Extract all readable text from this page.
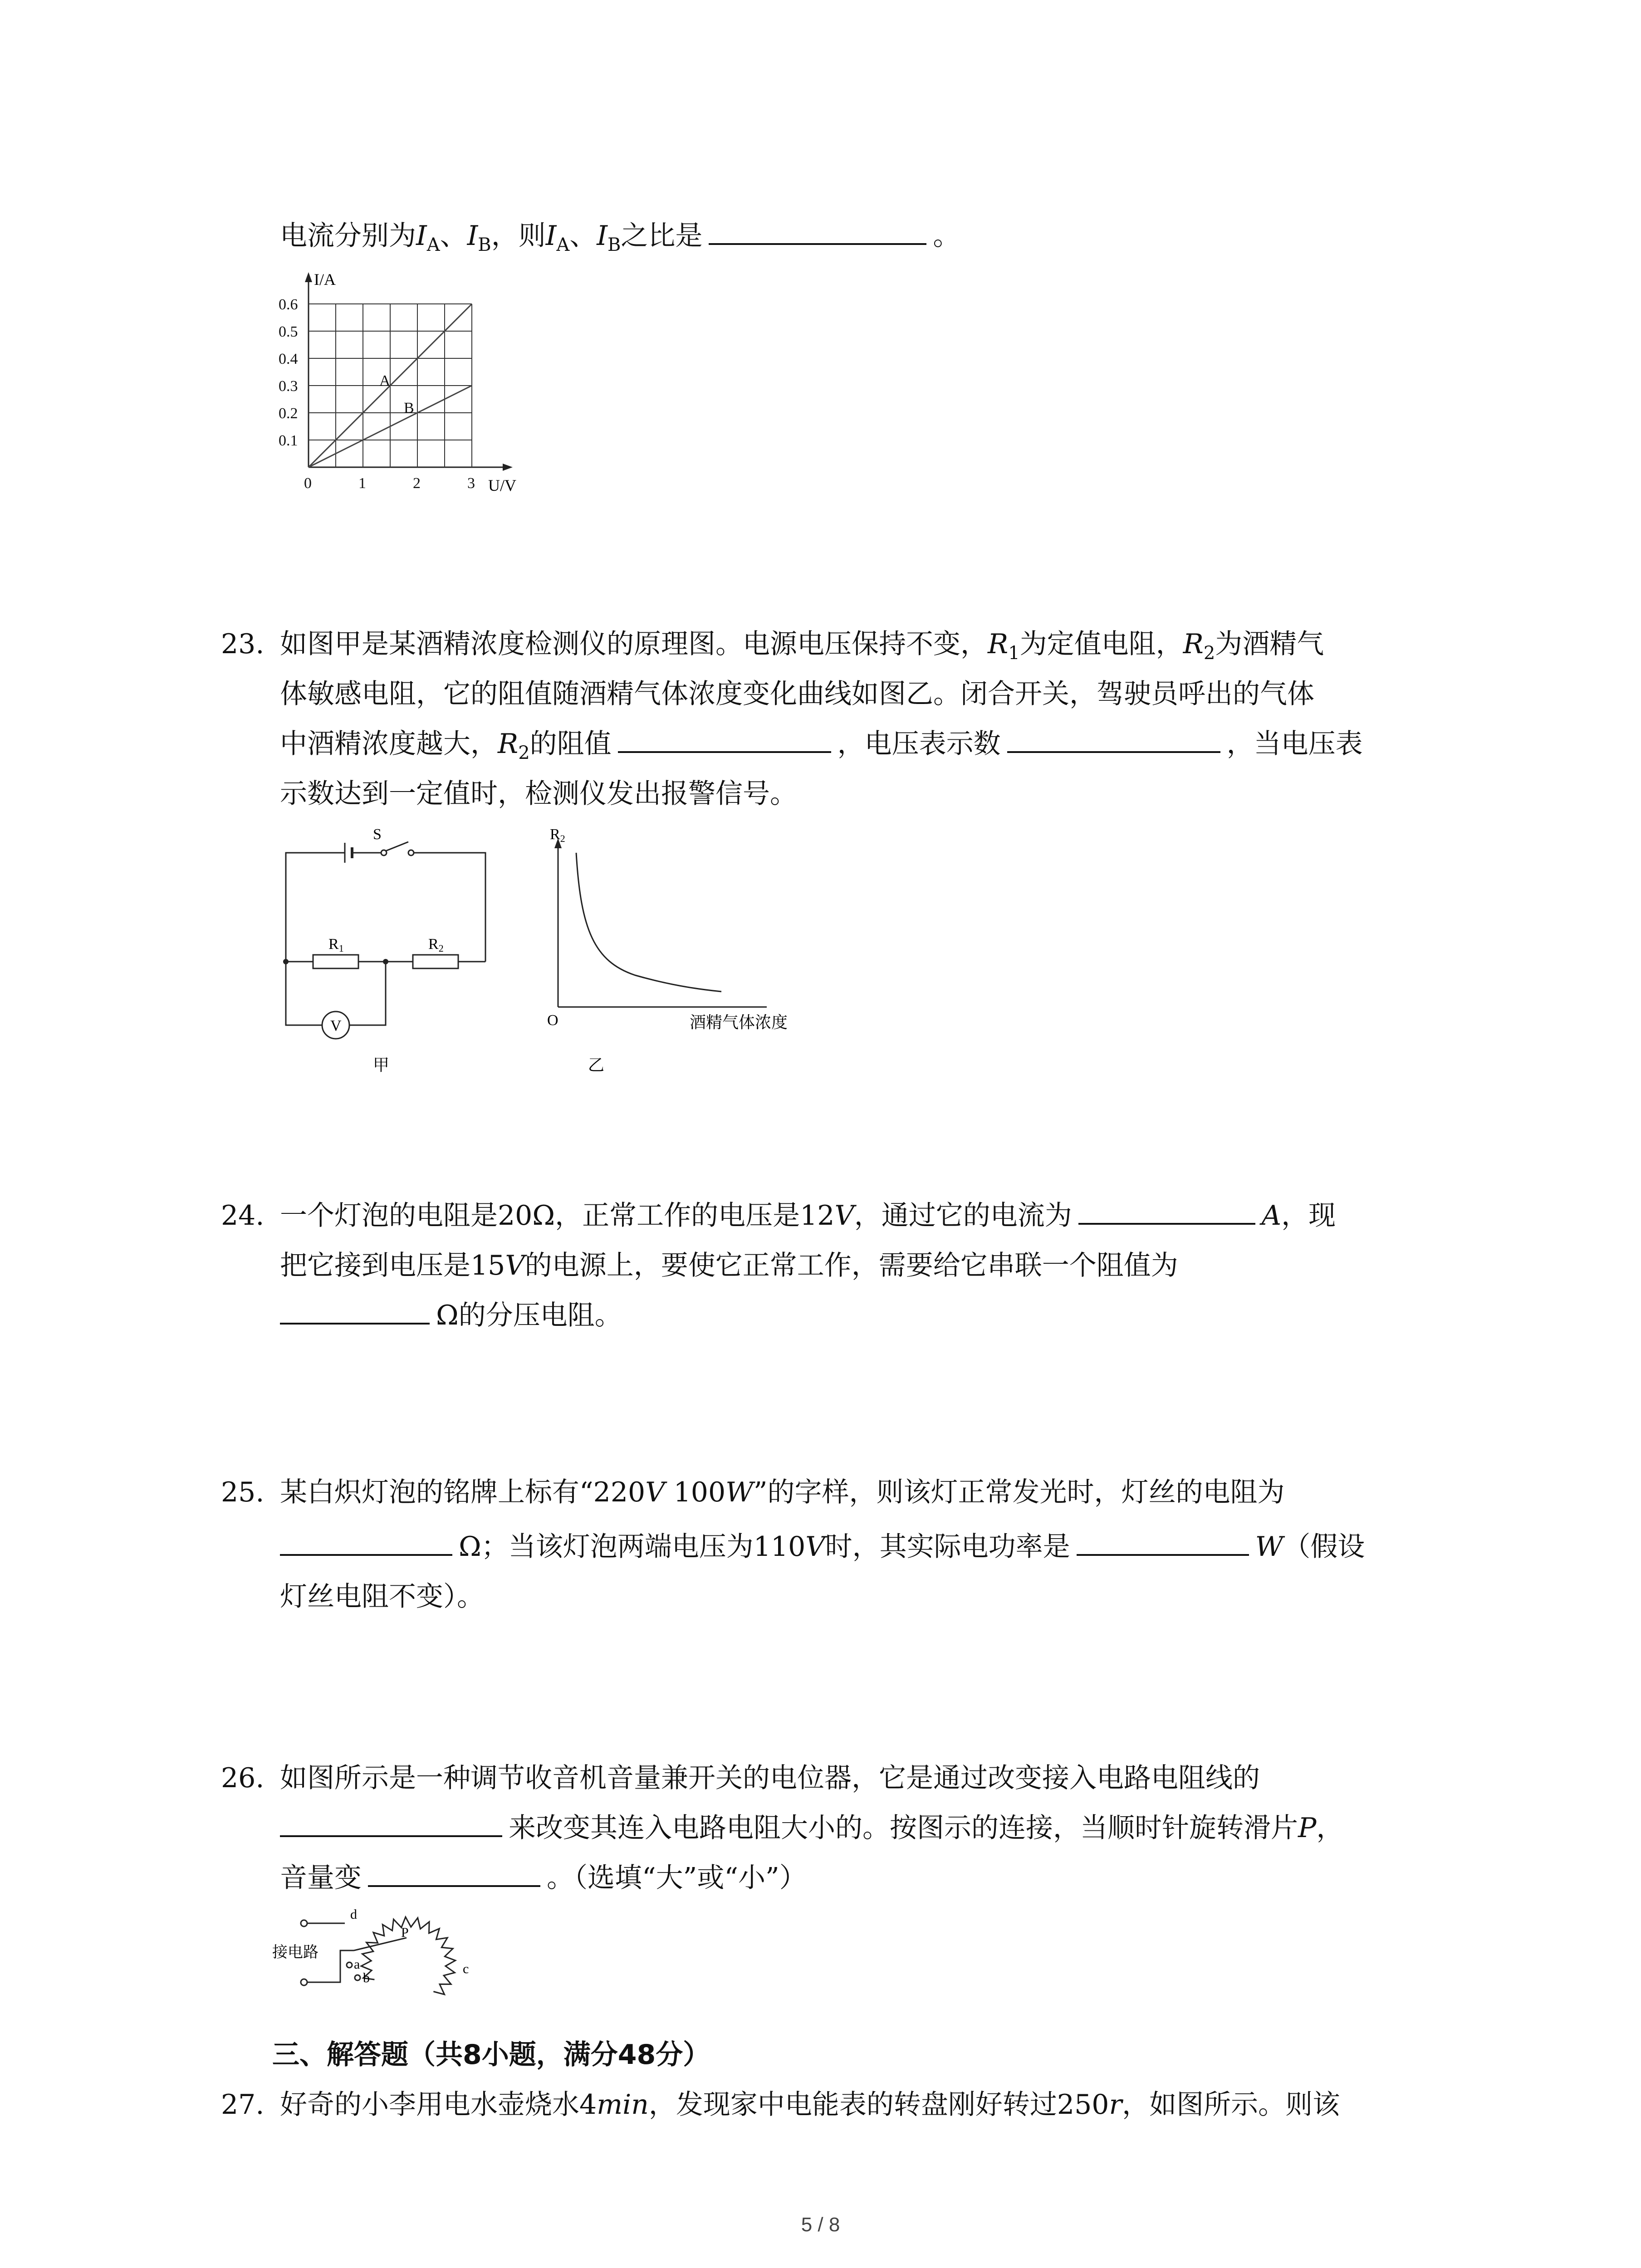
电流分别为$I_A$、$I_B$，则$I_A$、$I_B$之比是	。
0.6
0.5
0.4
0.3
0.2
0.1
0	1	2	3
A
B
I/A
U/V
23. 如图甲是某酒精浓度检测仪的原理图。电源电压保持不变，$R_1$为定值电阻，$R_2$为酒精气
体敏感电阻，它的阻值随酒精气体浓度变化曲线如图乙。闭合开关，驾驶员呼出的气体
中酒精浓度越大，$R_2$的阻值	，电压表示数	，当电压表
示数达到一定值时，检测仪发出报警信号。
S
R1	R2
V
甲
R2
O	酒精气体浓度
乙
24. 一个灯泡的电阻是20Ω，正常工作的电压是12V，通过它的电流为	A，现
把它接到电压是15V的电源上，要使它正常工作，需要给它串联一个阻值为
Ω的分压电阻。
25. 某白炽灯泡的铭牌上标有“220V 100W”的字样，则该灯正常发光时，灯丝的电阻为
Ω；当该灯泡两端电压为110V时，其实际电功率是	W（假设
灯丝电阻不变）。
26. 如图所示是一种调节收音机音量兼开关的电位器，它是通过改变接入电路电阻线的
来改变其连入电路电阻大小的。按图示的连接，当顺时针旋转滑片P，
音量变	。（选填“大”或“小”）
d
P
a
b
c
接电路
三、解答题（共8小题，满分48分）
27. 好奇的小李用电水壶烧水4min，发现家中电能表的转盘刚好转过250r，如图所示。则该
5 / 8
